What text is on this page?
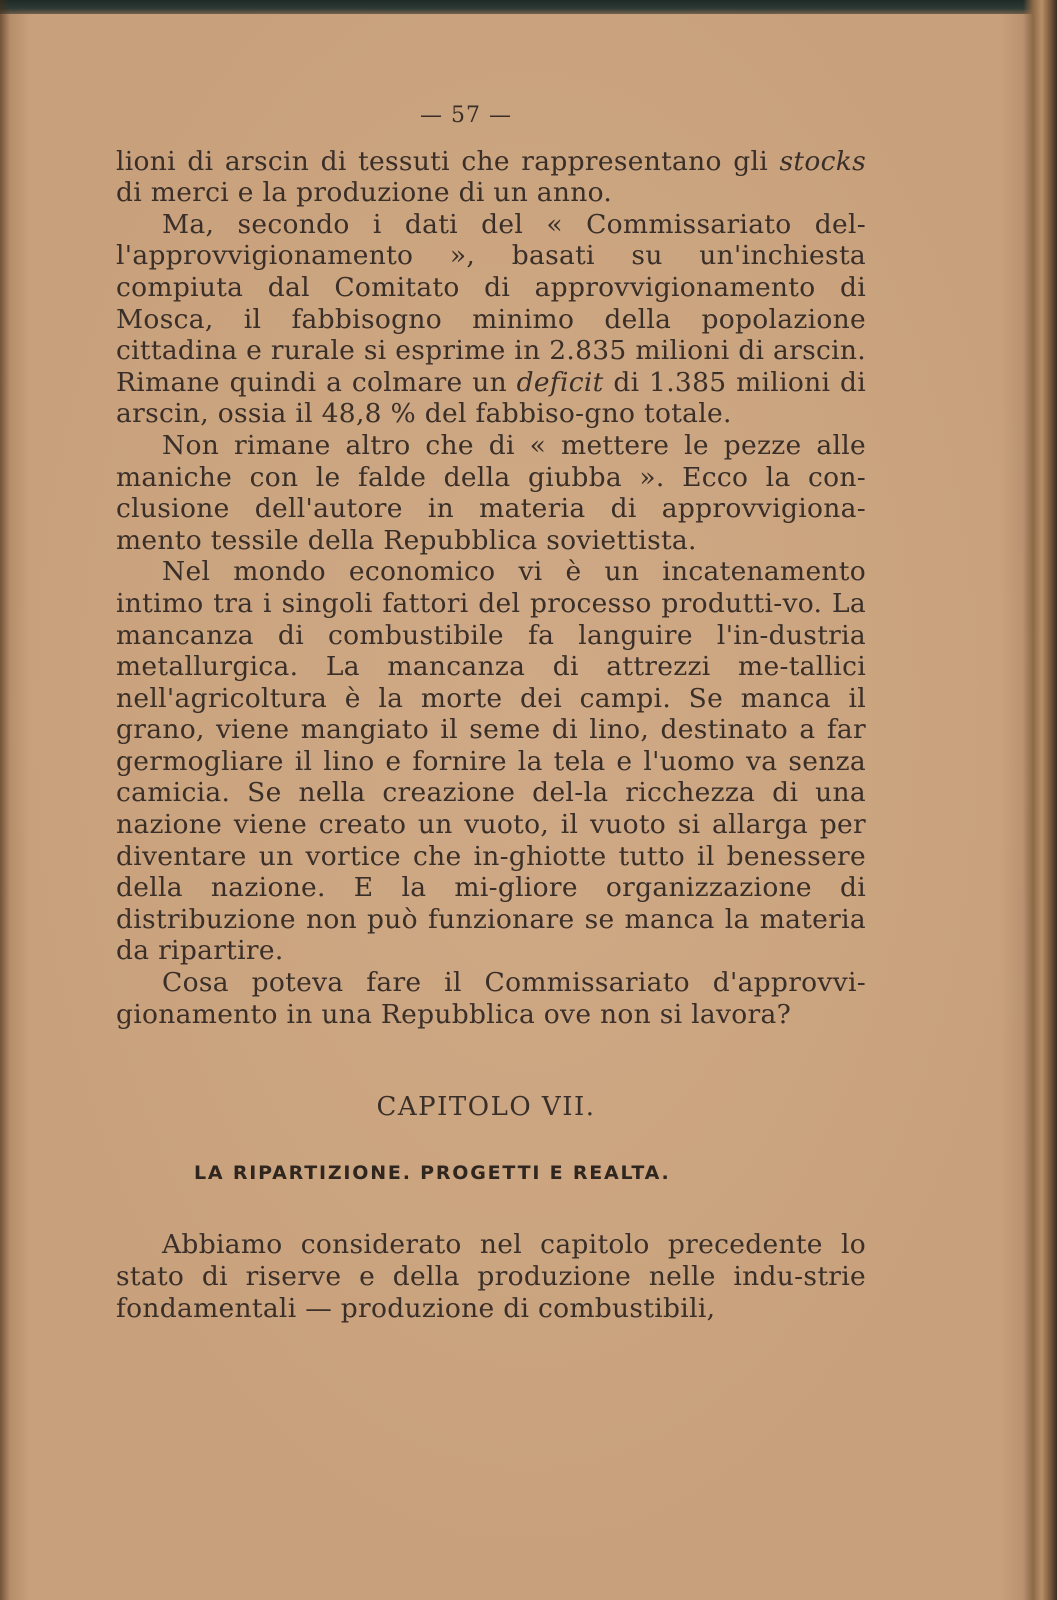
— 57 —

lioni di arscin di tessuti che rappresentano gli stocks di merci e la produzione di un anno.

Ma, secondo i dati del « Commissariato del-l'approvvigionamento », basati su un'inchiesta compiuta dal Comitato di approvvigionamento di Mosca, il fabbisogno minimo della popolazione cittadina e rurale si esprime in 2.835 milioni di arscin. Rimane quindi a colmare un deficit di 1.385 milioni di arscin, ossia il 48,8 % del fabbiso-gno totale.

Non rimane altro che di « mettere le pezze alle maniche con le falde della giubba ». Ecco la con-clusione dell'autore in materia di approvvigiona-mento tessile della Repubblica soviettista.

Nel mondo economico vi è un incatenamento intimo tra i singoli fattori del processo produtti-vo. La mancanza di combustibile fa languire l'in-dustria metallurgica. La mancanza di attrezzi me-tallici nell'agricoltura è la morte dei campi. Se manca il grano, viene mangiato il seme di lino, destinato a far germogliare il lino e fornire la tela e l'uomo va senza camicia. Se nella creazione del-la ricchezza di una nazione viene creato un vuoto, il vuoto si allarga per diventare un vortice che in-ghiotte tutto il benessere della nazione. E la mi-gliore organizzazione di distribuzione non può funzionare se manca la materia da ripartire.

Cosa poteva fare il Commissariato d'approvvi-gionamento in una Repubblica ove non si lavora?

CAPITOLO VII.
LA RIPARTIZIONE. PROGETTI E REALTA.

Abbiamo considerato nel capitolo precedente lo stato di riserve e della produzione nelle indu-strie fondamentali — produzione di combustibili,
